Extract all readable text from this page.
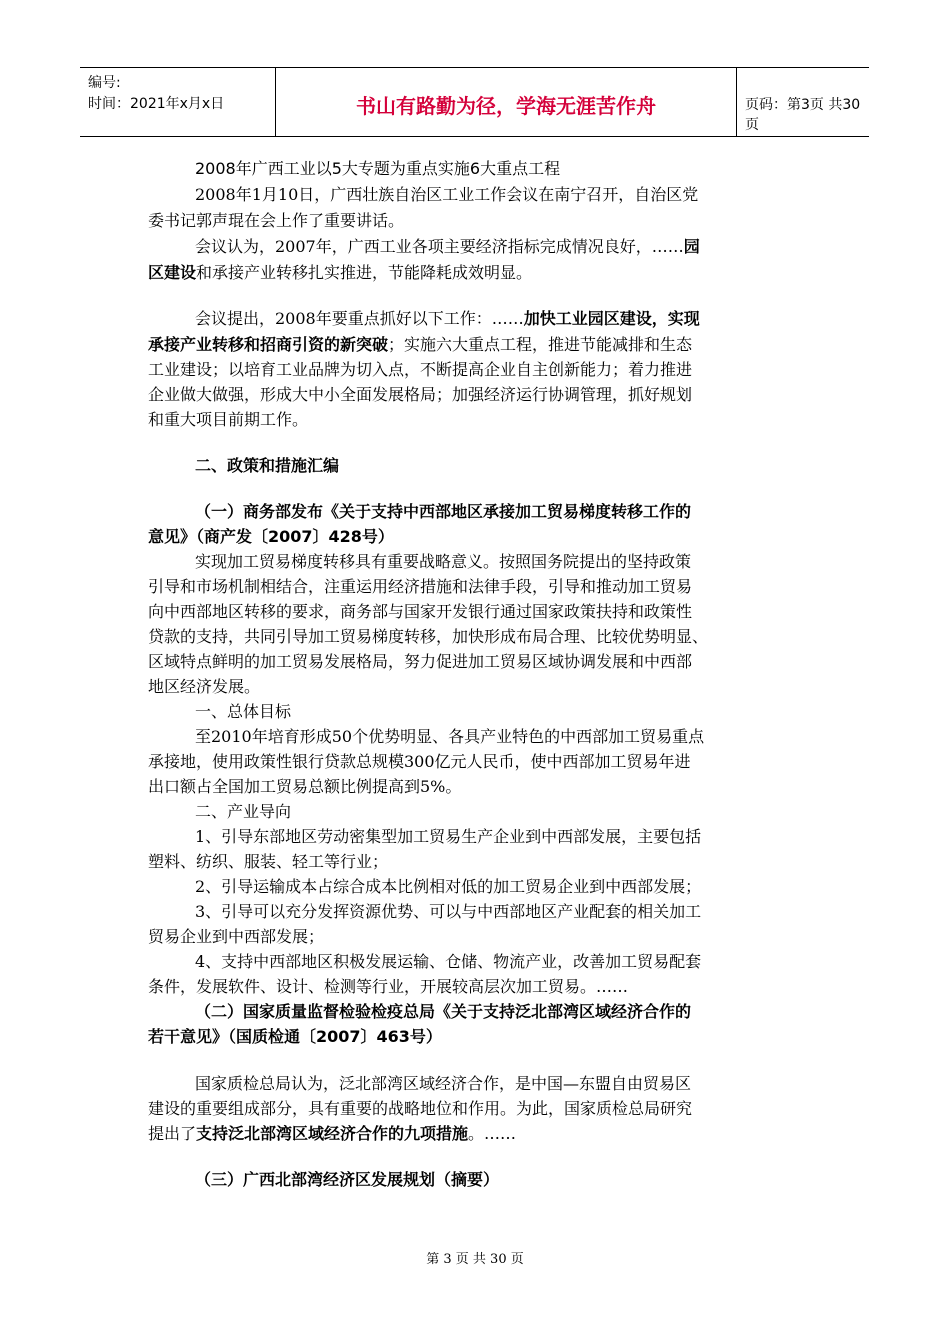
编号:
时间：2021年x月x日	书山有路勤为径，学海无涯苦作舟	页码：第3页 共30页
2008年广西工业以5大专题为重点实施6大重点工程
2008年1月10日，广西壮族自治区工业工作会议在南宁召开，自治区党
委书记郭声琨在会上作了重要讲话。
会议认为，2007年，广西工业各项主要经济指标完成情况良好，……园
区建设和承接产业转移扎实推进，节能降耗成效明显。
会议提出，2008年要重点抓好以下工作：……加快工业园区建设，实现
承接产业转移和招商引资的新突破；实施六大重点工程，推进节能减排和生态
工业建设；以培育工业品牌为切入点，不断提高企业自主创新能力；着力推进
企业做大做强，形成大中小全面发展格局；加强经济运行协调管理，抓好规划
和重大项目前期工作。
二、政策和措施汇编
（一）商务部发布《关于支持中西部地区承接加工贸易梯度转移工作的
意见》（商产发〔2007〕428号）
实现加工贸易梯度转移具有重要战略意义。按照国务院提出的坚持政策
引导和市场机制相结合，注重运用经济措施和法律手段，引导和推动加工贸易
向中西部地区转移的要求，商务部与国家开发银行通过国家政策扶持和政策性
贷款的支持，共同引导加工贸易梯度转移，加快形成布局合理、比较优势明显、
区域特点鲜明的加工贸易发展格局，努力促进加工贸易区域协调发展和中西部
地区经济发展。
一、总体目标
至2010年培育形成50个优势明显、各具产业特色的中西部加工贸易重点
承接地，使用政策性银行贷款总规模300亿元人民币，使中西部加工贸易年进
出口额占全国加工贸易总额比例提高到5%。
二、产业导向
1、引导东部地区劳动密集型加工贸易生产企业到中西部发展，主要包括
塑料、纺织、服装、轻工等行业；
2、引导运输成本占综合成本比例相对低的加工贸易企业到中西部发展；
3、引导可以充分发挥资源优势、可以与中西部地区产业配套的相关加工
贸易企业到中西部发展；
4、支持中西部地区积极发展运输、仓储、物流产业，改善加工贸易配套
条件，发展软件、设计、检测等行业，开展较高层次加工贸易。……
（二）国家质量监督检验检疫总局《关于支持泛北部湾区域经济合作的
若干意见》（国质检通〔2007〕463号）
国家质检总局认为，泛北部湾区域经济合作，是中国—东盟自由贸易区
建设的重要组成部分，具有重要的战略地位和作用。为此，国家质检总局研究
提出了支持泛北部湾区域经济合作的九项措施。……
（三）广西北部湾经济区发展规划（摘要）
第 3 页 共 30 页
